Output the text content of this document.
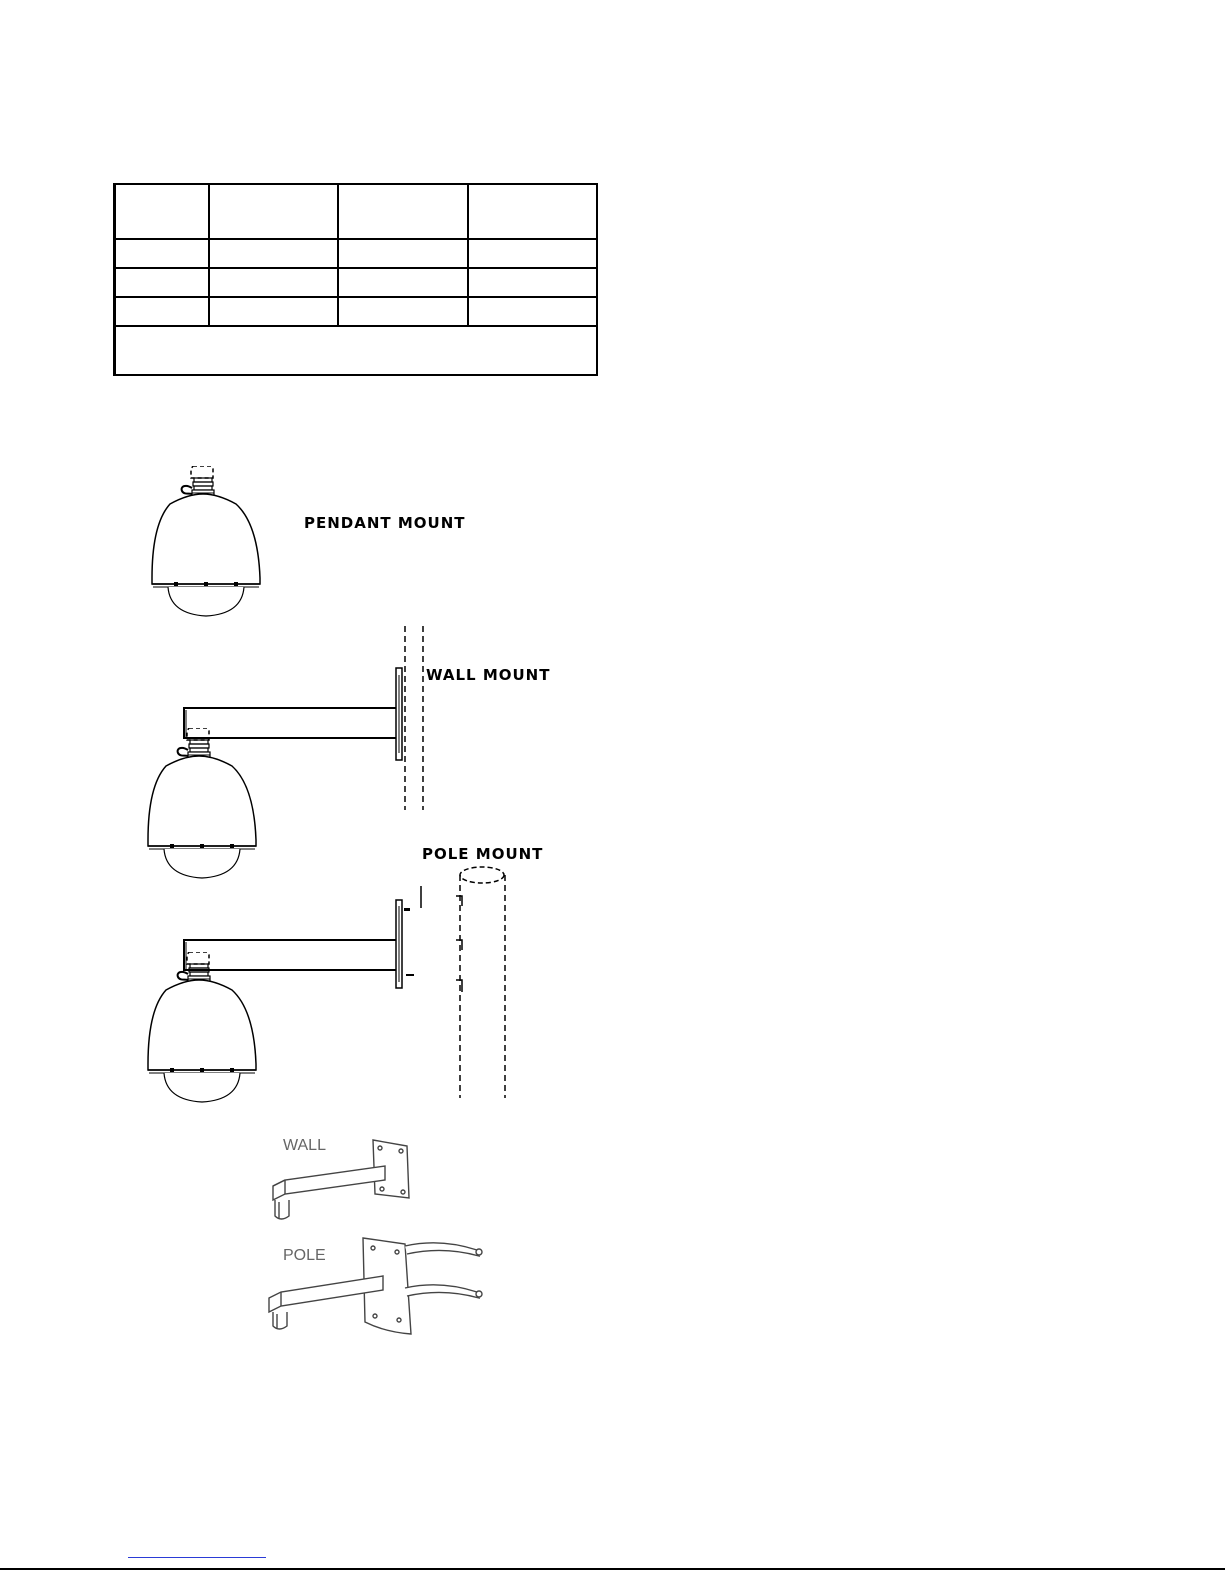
PENDANT MOUNT
WALL MOUNT
POLE MOUNT
WALL
POLE
